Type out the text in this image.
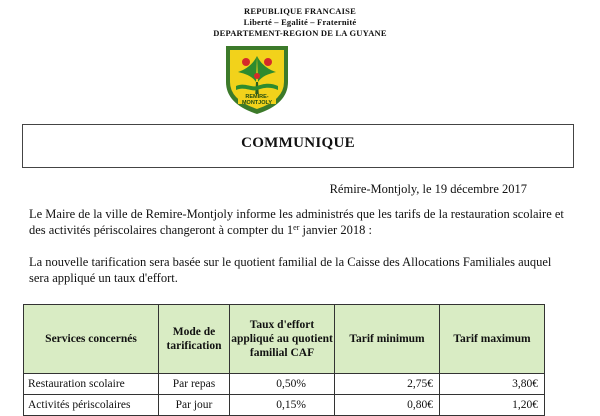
REPUBLIQUE FRANCAISE
Liberté – Egalité – Fraternité
DEPARTEMENT-REGION DE LA GUYANE
REMIRE-
MONTJOLY
COMMUNIQUE
Rémire-Montjoly, le 19 décembre 2017
Le Maire de la ville de Remire-Montjoly informe les administrés que les tarifs de la restauration scolaire et des activités périscolaires changeront à compter du 1er janvier 2018 :
La nouvelle tarification sera basée sur le quotient familial de la Caisse des Allocations Familiales auquel sera appliqué un taux d'effort.
Services concernés	Mode de tarification	Taux d'effort appliqué au quotient familial CAF	Tarif minimum	Tarif maximum
Restauration scolaire	Par repas	0,50%	2,75€	3,80€
Activités périscolaires	Par jour	0,15%	0,80€	1,20€
